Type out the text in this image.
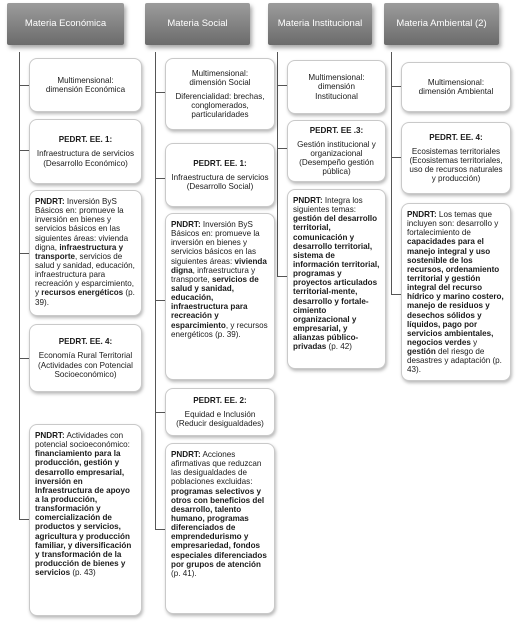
Materia Económica	Materia Social	Materia Institucional	Materia Ambiental (2)

Multimensional:

dimensión Económica

PEDRT. EE. 1:

Infraestructura de servicios (Desarrollo Económico)

PNDRT: Inversión ByS Básicos en: promueve la inversión en bienes y servicios básicos en las siguientes áreas: vivienda digna, infraestructura y transporte, servicios de salud y sanidad, educación, infraestructura para recreación y esparcimiento, y recursos energéticos (p. 39).

PEDRT. EE. 4:

Economía Rural Territorial (Actividades con Potencial Socioeconómico)

PNDRT: Actividades con potencial socioeconómico: financiamiento para la producción, gestión y desarrollo empresarial, inversión en Infraestructura de apoyo a la producción, transformación y comercialización de productos y servicios, agricultura y producción familiar, y diversificación y transformación de la producción de bienes y servicios (p. 43)

Multimensional:

dimensión Social

Diferencialidad: brechas, conglomerados, particularidades

PEDRT. EE. 1:

Infraestructura de servicios (Desarrollo Social)

PNDRT: Inversión ByS Básicos en: promueve la inversión en bienes y servicios básicos en las siguientes áreas: vivienda digna, infraestructura y transporte, servicios de salud y sanidad, educación, infraestructura para recreación y esparcimiento, y recursos energéticos (p. 39).

PEDRT. EE. 2:

Equidad e Inclusión (Reducir desigualdades)

PNDRT: Acciones afirmativas que reduzcan las desigualdades de poblaciones excluidas: programas selectivos y otros con beneficios del desarrollo, talento humano, programas diferenciados de emprendedurismo y empresariedad, fondos especiales diferenciados por grupos de atención (p. 41).

Multimensional:

dimensión

Institucional

PEDRT. EE .3:

Gestión institucional y organizacional (Desempeño gestión pública)

PNDRT: Integra los siguientes temas: gestión del desarrollo territorial, comunicación y desarrollo territorial, sistema de información territorial, programas y proyectos articulados territorial-mente, desarrollo y fortale-cimiento organizacional y empresarial, y alianzas público-privadas (p. 42)

Multimensional:

dimensión Ambiental

PEDRT. EE. 4:

Ecosistemas territoriales (Ecosistemas territoriales, uso de recursos naturales y producción)

PNDRT: Los temas que incluyen son: desarrollo y fortalecimiento de capacidades para el manejo integral y uso sostenible de los recursos, ordenamiento territorial y gestión integral del recurso hídrico y marino costero, manejo de residuos y desechos sólidos y líquidos, pago por servicios ambientales, negocios verdes y gestión del riesgo de desastres y adaptación (p. 43).
